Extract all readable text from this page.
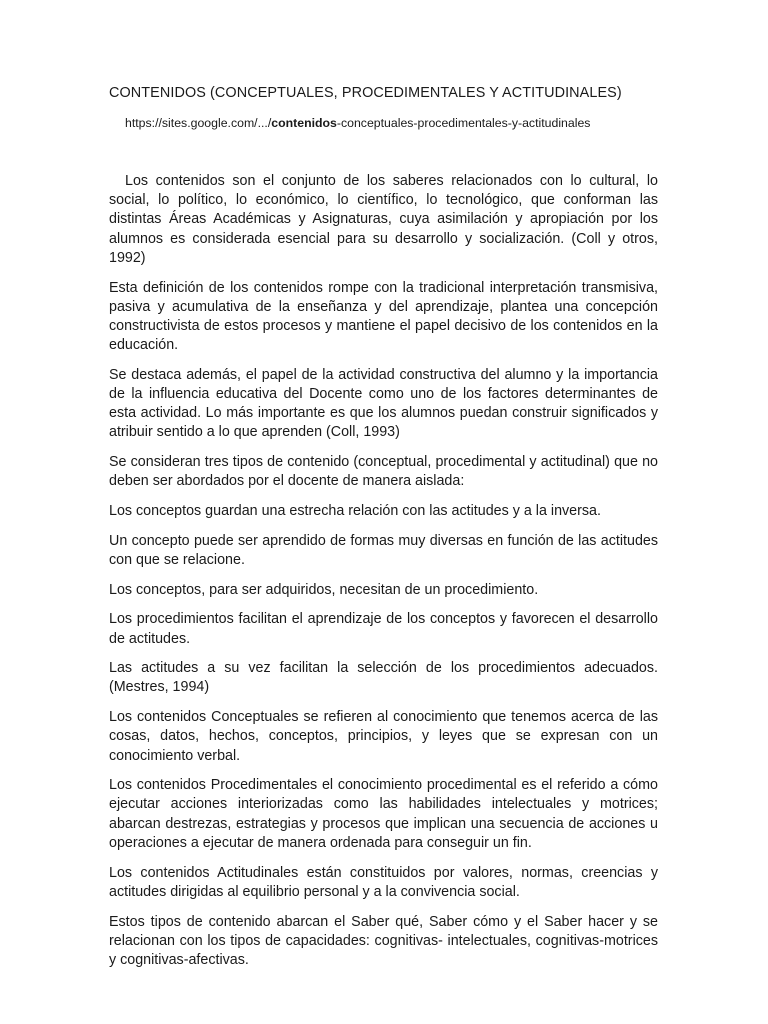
CONTENIDOS (CONCEPTUALES, PROCEDIMENTALES Y ACTITUDINALES)
https://sites.google.com/.../contenidos-conceptuales-procedimentales-y-actitudinales

Los contenidos son el conjunto de los saberes relacionados con lo cultural, lo social, lo político, lo económico, lo científico, lo tecnológico, que conforman las distintas Áreas Académicas y Asignaturas, cuya asimilación y apropiación por los alumnos es considerada esencial para su desarrollo y socialización. (Coll y otros, 1992)

Esta definición de los contenidos rompe con la tradicional interpretación transmisiva, pasiva y acumulativa de la enseñanza y del aprendizaje, plantea una concepción constructivista de estos procesos y mantiene el papel decisivo de los contenidos en la educación.

Se destaca además, el papel de la actividad constructiva del alumno y la importancia de la influencia educativa del Docente como uno de los factores determinantes de esta actividad. Lo más importante es que los alumnos puedan construir significados y atribuir sentido a lo que aprenden (Coll, 1993)

Se consideran tres tipos de contenido (conceptual, procedimental y actitudinal) que no deben ser abordados por el docente de manera aislada:

Los conceptos guardan una estrecha relación con las actitudes y a la inversa.

Un concepto puede ser aprendido de formas muy diversas en función de las actitudes con que se relacione.

Los conceptos, para ser adquiridos, necesitan de un procedimiento.

Los procedimientos facilitan el aprendizaje de los conceptos y favorecen el desarrollo de actitudes.

Las actitudes a su vez facilitan la selección de los procedimientos adecuados. (Mestres, 1994)

Los contenidos Conceptuales se refieren al conocimiento que tenemos acerca de las cosas, datos, hechos, conceptos, principios, y leyes que se expresan con un conocimiento verbal.

Los contenidos Procedimentales el conocimiento procedimental es el referido a cómo ejecutar acciones interiorizadas como las habilidades intelectuales y motrices; abarcan destrezas, estrategias y procesos que implican una secuencia de acciones u operaciones a ejecutar de manera ordenada para conseguir un fin.

Los contenidos Actitudinales están constituidos por valores, normas, creencias y actitudes dirigidas al equilibrio personal y a la convivencia social.

Estos tipos de contenido abarcan el Saber qué, Saber cómo y el Saber hacer y se relacionan con los tipos de capacidades: cognitivas- intelectuales, cognitivas-motrices y cognitivas-afectivas.
